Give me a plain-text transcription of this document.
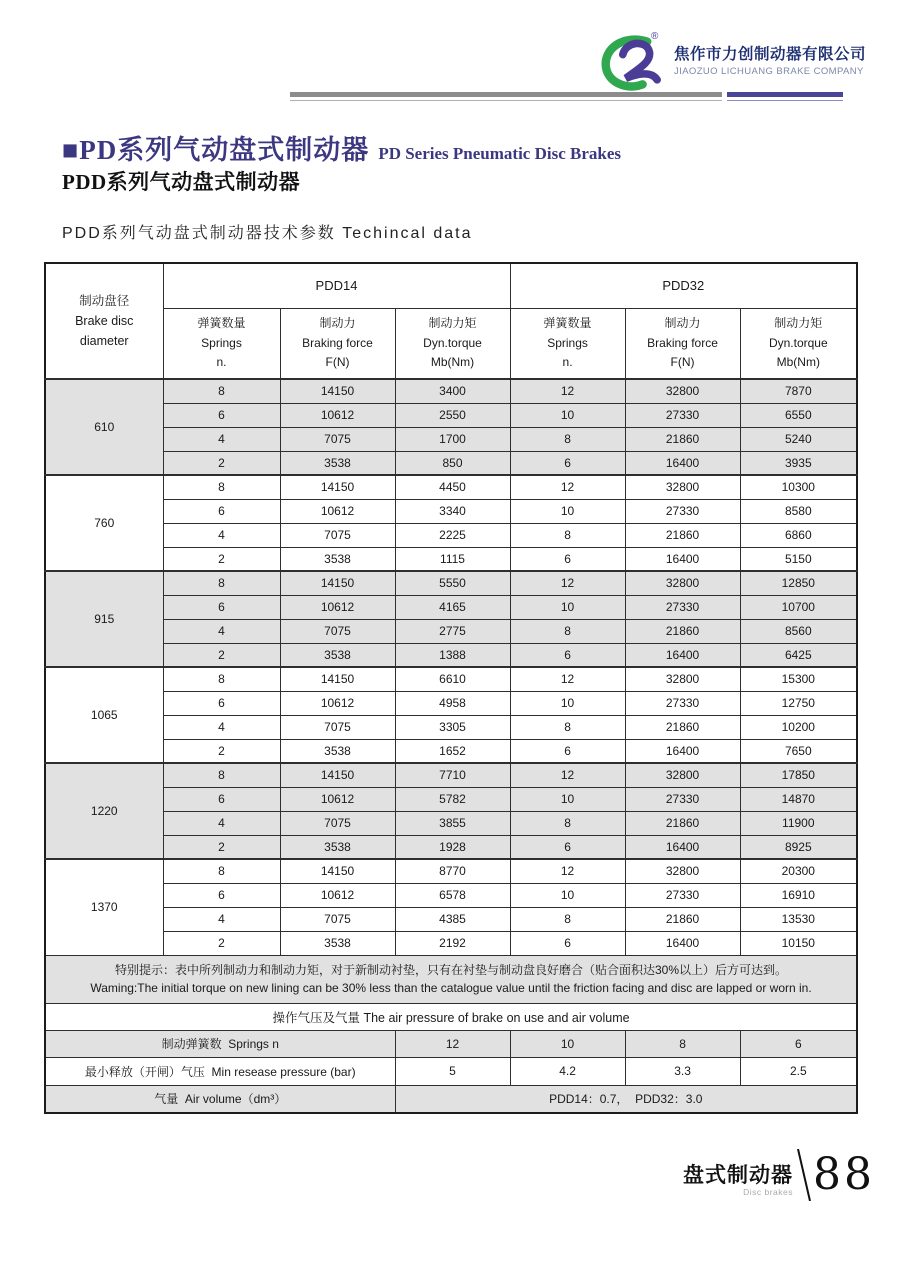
®
焦作市力创制动器有限公司
JIAOZUO LICHUANG BRAKE COMPANY
■PD系列气动盘式制动器 PD Series Pneumatic Disc Brakes
PDD系列气动盘式制动器
PDD系列气动盘式制动器技术参数 Techincal data
制动盘径
Brake disc
diameter	PDD14			PDD32		

弹簧数量
Springs
n.

制动力
Braking force
F(N)

制动力矩
Dyn.torque
Mb(Nm)

弹簧数量
Springs
n.

制动力
Braking force
F(N)

制动力矩
Dyn.torque
Mb(Nm)

610	8	14150	3400	12	32800	7870
	6	10612	2550	10	27330	6550
	4	7075	1700	8	21860	5240
	2	3538	850	6	16400	3935
760	8	14150	4450	12	32800	10300
	6	10612	3340	10	27330	8580
	4	7075	2225	8	21860	6860
	2	3538	1115	6	16400	5150
915	8	14150	5550	12	32800	12850
	6	10612	4165	10	27330	10700
	4	7075	2775	8	21860	8560
	2	3538	1388	6	16400	6425
1065	8	14150	6610	12	32800	15300
	6	10612	4958	10	27330	12750
	4	7075	3305	8	21860	10200
	2	3538	1652	6	16400	7650
1220	8	14150	7710	12	32800	17850
	6	10612	5782	10	27330	14870
	4	7075	3855	8	21860	11900
	2	3538	1928	6	16400	8925
1370	8	14150	8770	12	32800	20300
	6	10612	6578	10	27330	16910
	4	7075	4385	8	21860	13530
	2	3538	2192	6	16400	10150

特别提示：表中所列制动力和制动力矩，对于新制动衬垫，只有在衬垫与制动盘良好磨合（贴合面积达30%以上）后方可达到。
Waming:The initial torque on new lining can be 30% less than the catalogue value until the friction facing and disc are lapped or worn in.						

操作气压及气量 The air pressure of brake on use and air volume						
制动弹簧数  Springs n			12	10	8	6
最小释放（开闸）气压  Min resease pressure (bar)			5	4.2	3.3	2.5
气量  Air volume（dm³）			PDD14：0.7，  PDD32：3.0			
盘式制动器
Disc brakes 88
